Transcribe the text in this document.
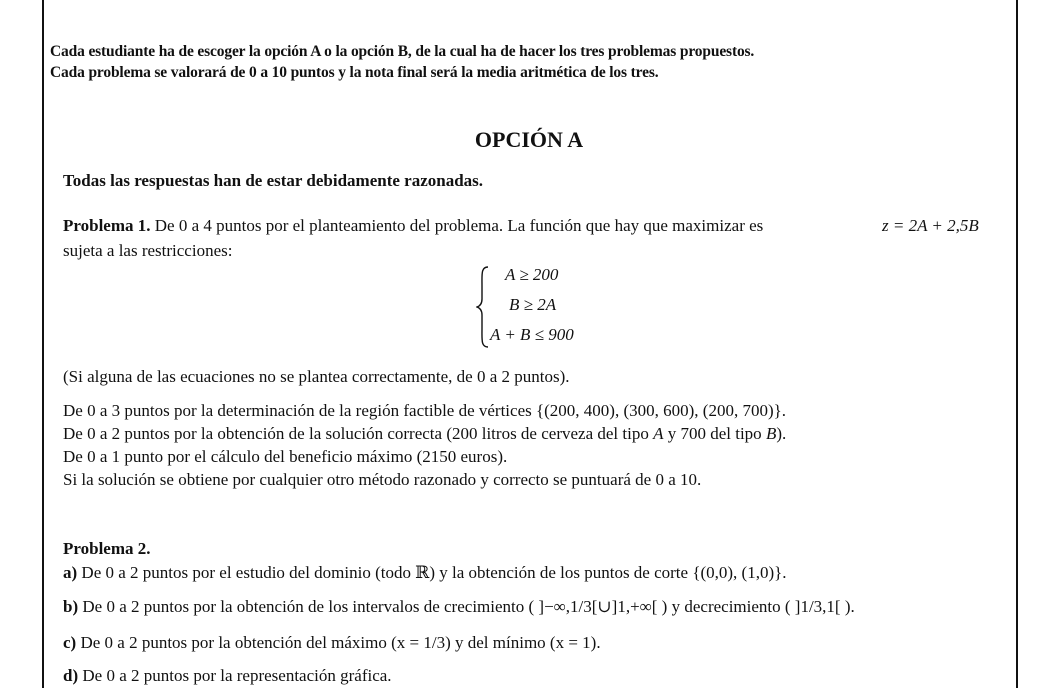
Cada estudiante ha de escoger la opción A o la opción B, de la cual ha de hacer los tres problemas propuestos.
Cada problema se valorará de 0 a 10 puntos y la nota final será la media aritmética de los tres.
OPCIÓN A
Todas las respuestas han de estar debidamente razonadas.
Problema 1. De 0 a 4 puntos por el planteamiento del problema. La función que hay que maximizar es	z = 2A + 2,5B
sujeta a las restricciones:
A ≥ 200
B ≥ 2A
A + B ≤ 900
(Si alguna de las ecuaciones no se plantea correctamente, de 0 a 2 puntos).
De 0 a 3 puntos por la determinación de la región factible de vértices {(200, 400), (300, 600), (200, 700)}.
De 0 a 2 puntos por la obtención de la solución correcta (200 litros de cerveza del tipo A y 700 del tipo B).
De 0 a 1 punto por el cálculo del beneficio máximo (2150 euros).
Si la solución se obtiene por cualquier otro método razonado y correcto se puntuará de 0 a 10.
Problema 2.
a) De 0 a 2 puntos por el estudio del dominio (todo ℝ) y la obtención de los puntos de corte {(0,0), (1,0)}.
b) De 0 a 2 puntos por la obtención de los intervalos de crecimiento ( ]−∞,1/3[∪]1,+∞[ ) y decrecimiento ( ]1/3,1[ ).
c) De 0 a 2 puntos por la obtención del máximo (x = 1/3) y del mínimo (x = 1).
d) De 0 a 2 puntos por la representación gráfica.
